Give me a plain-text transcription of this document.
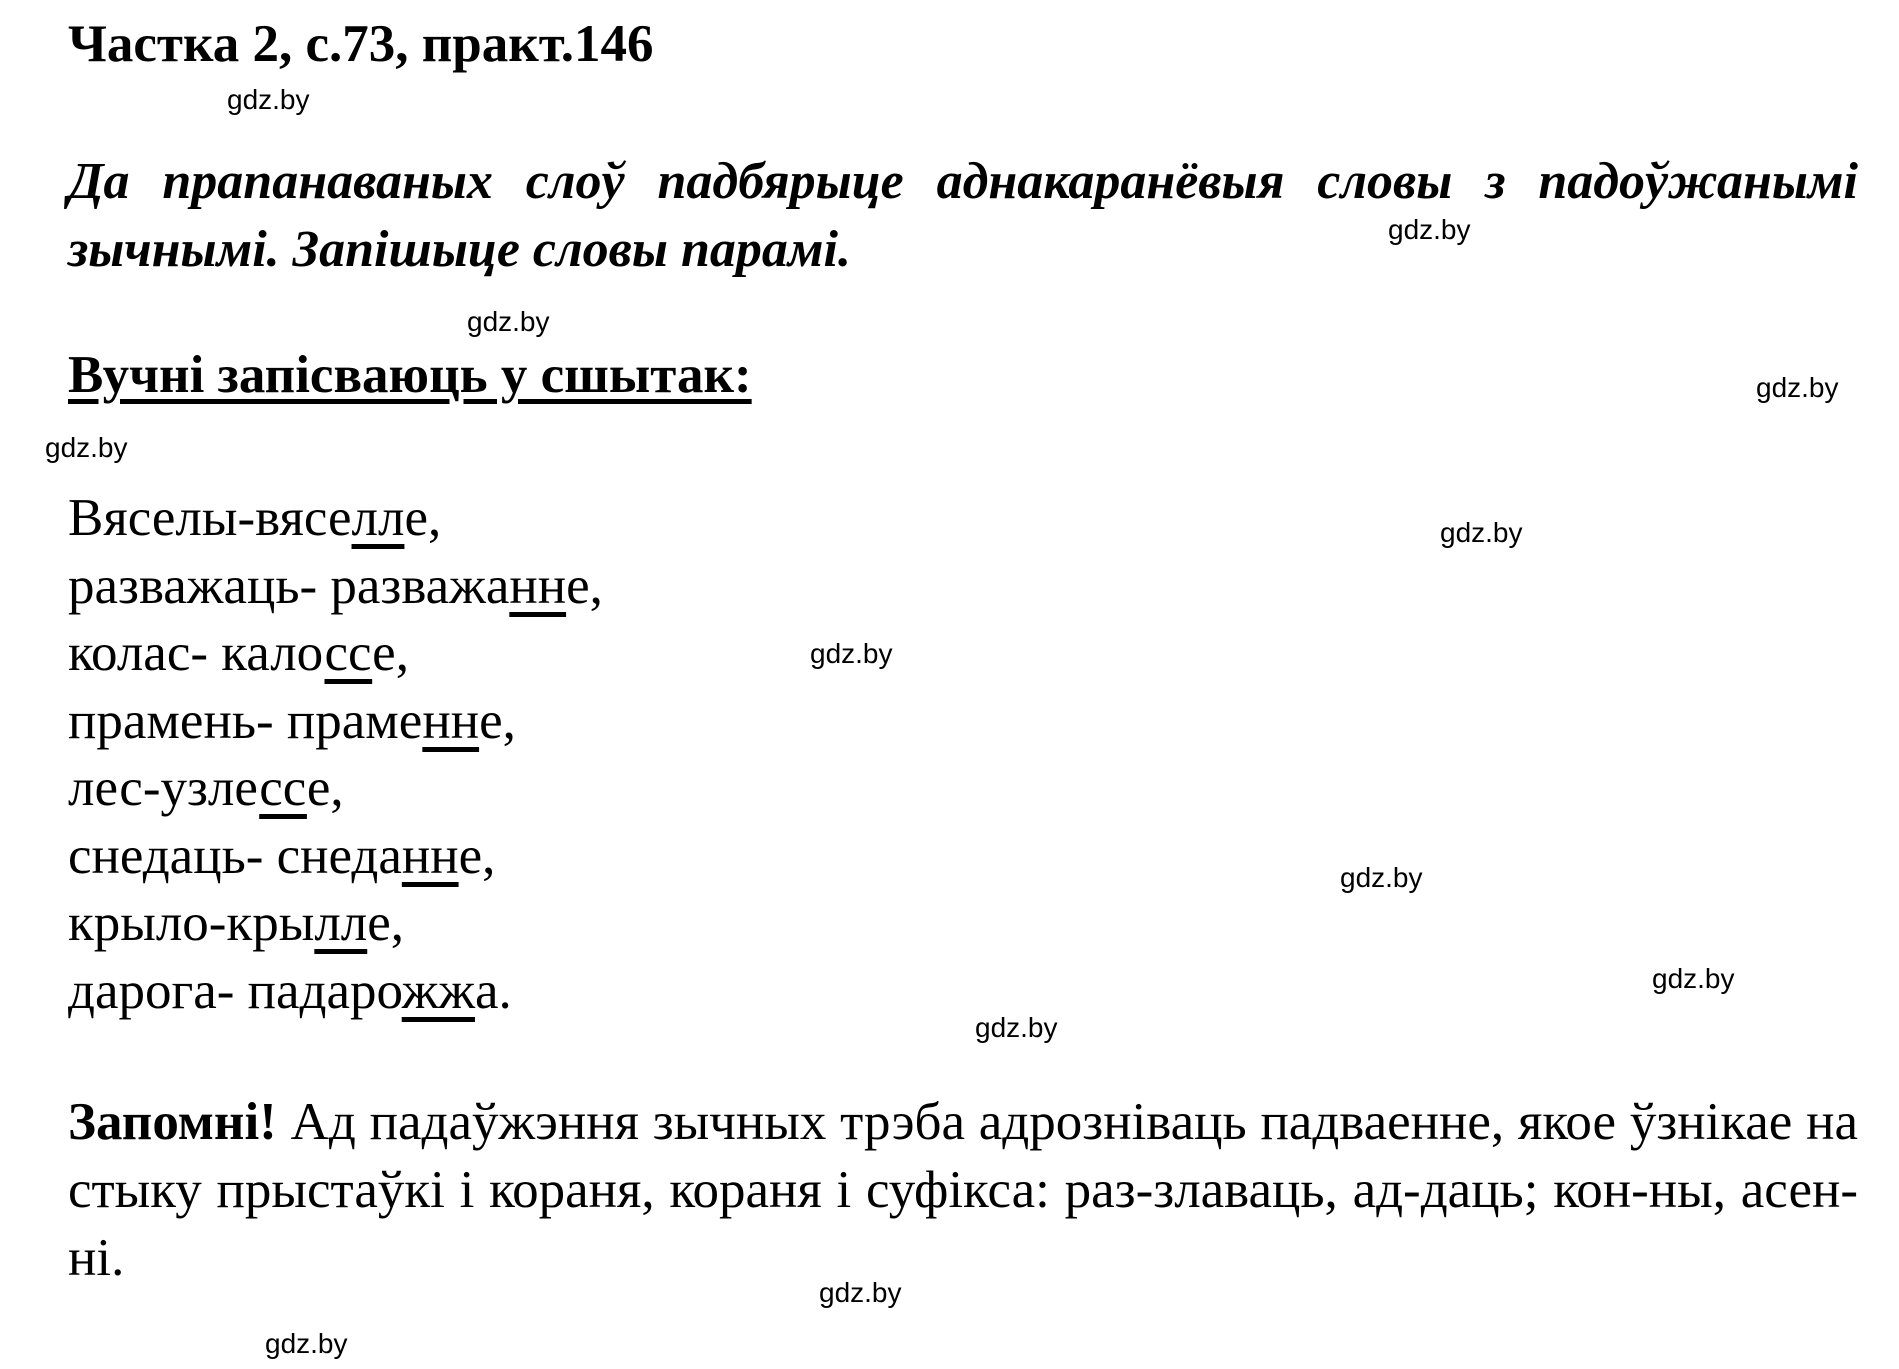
Частка 2, с.73, практ.146
Да прапанаваных слоў падбярыце аднакаранёвыя словы з падоўжанымі зычнымі. Запішыце словы парамі.
Вучні запісваюць у сшытак:
Вяселы-вяселле,
разважаць- разважанне,
колас- калоссе,
прамень- праменне,
лес-узлессе,
снедаць- снеданне,
крыло-крылле,
дарога- падарожжа.
Запомні! Ад падаўжэння зычных трэба адрозніваць падваенне, якое ўзнікае на стыку прыстаўкі і кораня, кораня і суфікса: раз-злаваць, ад-даць; кон-ны, асен-ні.
gdz.by
gdz.by
gdz.by
gdz.by
gdz.by
gdz.by
gdz.by
gdz.by
gdz.by
gdz.by
gdz.by
gdz.by
